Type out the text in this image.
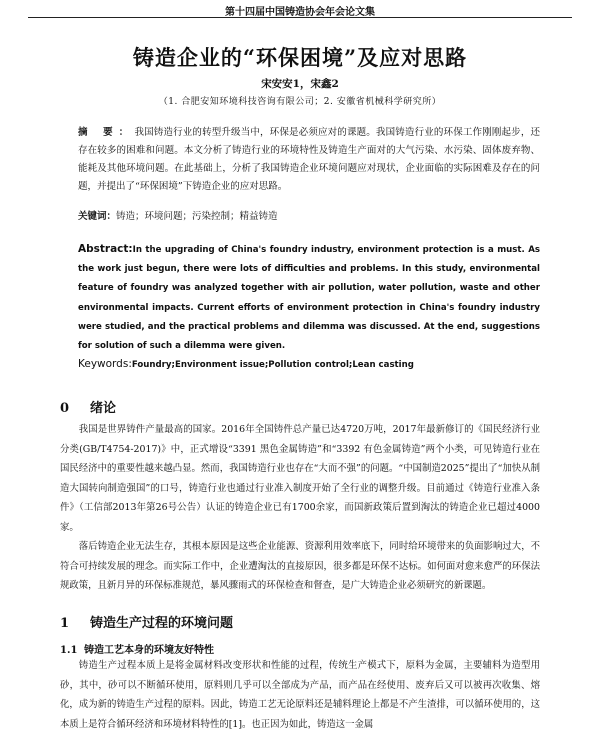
第十四届中国铸造协会年会论文集
铸造企业的“环保困境”及应对思路
宋安安1，宋鑫2
（1. 合肥安知环境科技咨询有限公司；2. 安徽省机械科学研究所）
摘 要：我国铸造行业的转型升级当中，环保是必须应对的课题。我国铸造行业的环保工作刚刚起步，还存在较多的困难和问题。本文分析了铸造行业的环境特性及铸造生产面对的大气污染、水污染、固体废弃物、能耗及其他环境问题。在此基础上，分析了我国铸造企业环境问题应对现状，企业面临的实际困难及存在的问题，并提出了“环保困境”下铸造企业的应对思路。
关键词：铸造；环境问题；污染控制；精益铸造
Abstract:In the upgrading of China's foundry industry, environment protection is a must. As the work just begun, there were lots of difficulties and problems. In this study, environmental feature of foundry was analyzed together with air pollution, water pollution, waste and other environmental impacts. Current efforts of environment protection in China's foundry industry were studied, and the practical problems and dilemma was discussed. At the end, suggestions for solution of such a dilemma were given.
Keywords:Foundry;Environment issue;Pollution control;Lean casting
0 绪论

我国是世界铸件产量最高的国家。2016年全国铸件总产量已达4720万吨，2017年最新修订的《国民经济行业分类(GB/T4754-2017)》中，正式增设“3391 黑色金属铸造”和“3392 有色金属铸造”两个小类，可见铸造行业在国民经济中的重要性越来越凸显。然而，我国铸造行业也存在“大而不强”的问题。“中国制造2025”提出了“加快从制造大国转向制造强国”的口号，铸造行业也通过行业准入制度开始了全行业的调整升级。目前通过《铸造行业准入条件》（工信部2013年第26号公告）认证的铸造企业已有1700余家，而国新政策后置到淘汰的铸造企业已超过4000家。

落后铸造企业无法生存，其根本原因是这些企业能源、资源利用效率底下，同时给环境带来的负面影响过大，不符合可持续发展的理念。而实际工作中，企业遭淘汰的直接原因，很多都是环保不达标。如何面对愈来愈严的环保法规政策，且新月异的环保标准规范，暴风骤雨式的环保检查和督查，是广大铸造企业必须研究的新课题。

1 铸造生产过程的环境问题
1.1 铸造工艺本身的环境友好特性

铸造生产过程本质上是将金属材料改变形状和性能的过程，传统生产模式下，原料为金属，主要辅料为造型用砂，其中，砂可以不断循环使用，原料则几乎可以全部成为产品，而产品在经使用、废弃后又可以被再次收集、熔化，成为新的铸造生产过程的原料。因此，铸造工艺无论原料还是辅料理论上都是不产生渣排，可以循环使用的，这本质上是符合循环经济和环境材料特性的[1]。也正因为如此，铸造这一金属
